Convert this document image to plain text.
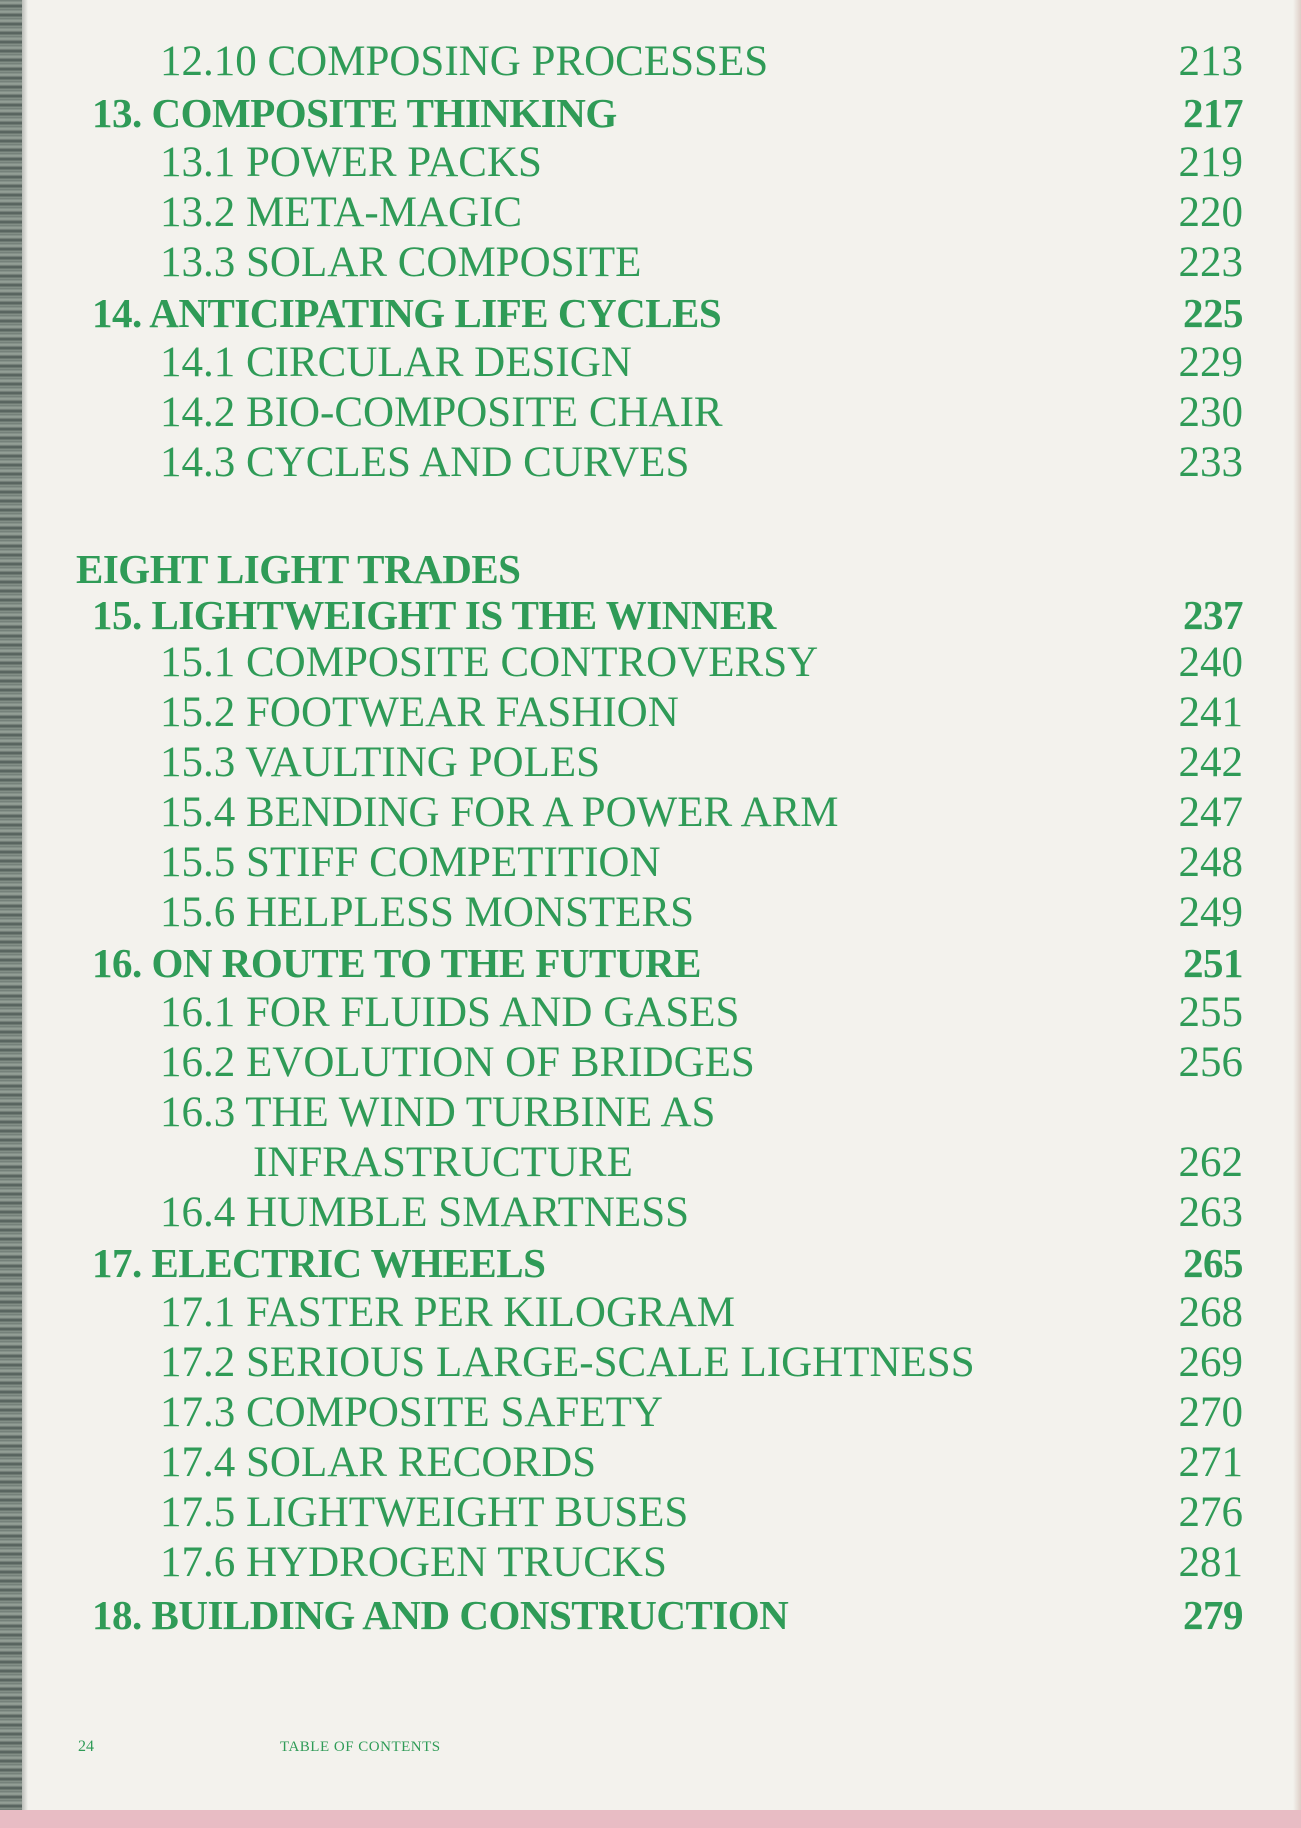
12.10 COMPOSING PROCESSES	213
13. COMPOSITE THINKING	217
13.1 POWER PACKS	219
13.2 META-MAGIC	220
13.3 SOLAR COMPOSITE	223
14. ANTICIPATING LIFE CYCLES	225
14.1 CIRCULAR DESIGN	229
14.2 BIO-COMPOSITE CHAIR	230
14.3 CYCLES AND CURVES	233
EIGHT LIGHT TRADES
15. LIGHTWEIGHT IS THE WINNER	237
15.1 COMPOSITE CONTROVERSY	240
15.2 FOOTWEAR FASHION	241
15.3 VAULTING POLES	242
15.4 BENDING FOR A POWER ARM	247
15.5 STIFF COMPETITION	248
15.6 HELPLESS MONSTERS	249
16. ON ROUTE TO THE FUTURE	251
16.1 FOR FLUIDS AND GASES	255
16.2 EVOLUTION OF BRIDGES	256
16.3 THE WIND TURBINE AS
INFRASTRUCTURE	262
16.4 HUMBLE SMARTNESS	263
17. ELECTRIC WHEELS	265
17.1 FASTER PER KILOGRAM	268
17.2 SERIOUS LARGE-SCALE LIGHTNESS	269
17.3 COMPOSITE SAFETY	270
17.4 SOLAR RECORDS	271
17.5 LIGHTWEIGHT BUSES	276
17.6 HYDROGEN TRUCKS	281
18. BUILDING AND CONSTRUCTION	279
24	TABLE OF CONTENTS
